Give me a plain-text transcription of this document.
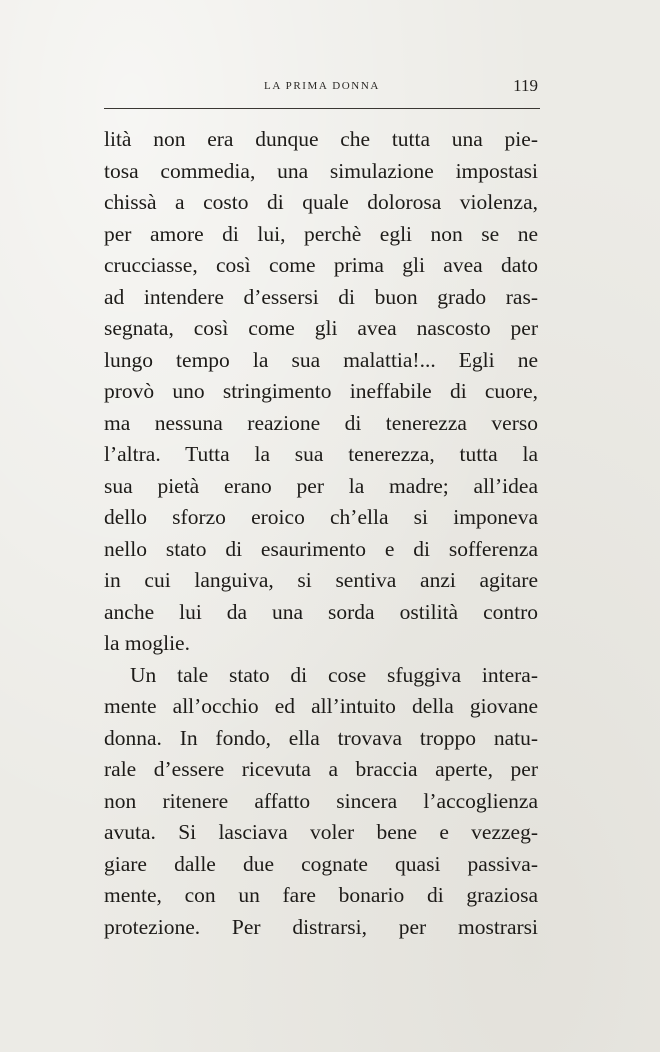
LA PRIMA DONNA	119
lità non era dunque che tutta una pie-
tosa commedia, una simulazione impostasi
chissà a costo di quale dolorosa violenza,
per amore di lui, perchè egli non se ne
crucciasse, così come prima gli avea dato
ad intendere d’essersi di buon grado ras-
segnata, così come gli avea nascosto per
lungo tempo la sua malattia!... Egli ne
provò uno stringimento ineffabile di cuore,
ma nessuna reazione di tenerezza verso
l’altra. Tutta la sua tenerezza, tutta la
sua pietà erano per la madre; all’idea
dello sforzo eroico ch’ella si imponeva
nello stato di esaurimento e di sofferenza
in cui languiva, si sentiva anzi agitare
anche lui da una sorda ostilità contro
la moglie.
Un tale stato di cose sfuggiva intera-
mente all’occhio ed all’intuito della giovane
donna. In fondo, ella trovava troppo natu-
rale d’essere ricevuta a braccia aperte, per
non ritenere affatto sincera l’accoglienza
avuta. Si lasciava voler bene e vezzeg-
giare dalle due cognate quasi passiva-
mente, con un fare bonario di graziosa
protezione. Per distrarsi, per mostrarsi
